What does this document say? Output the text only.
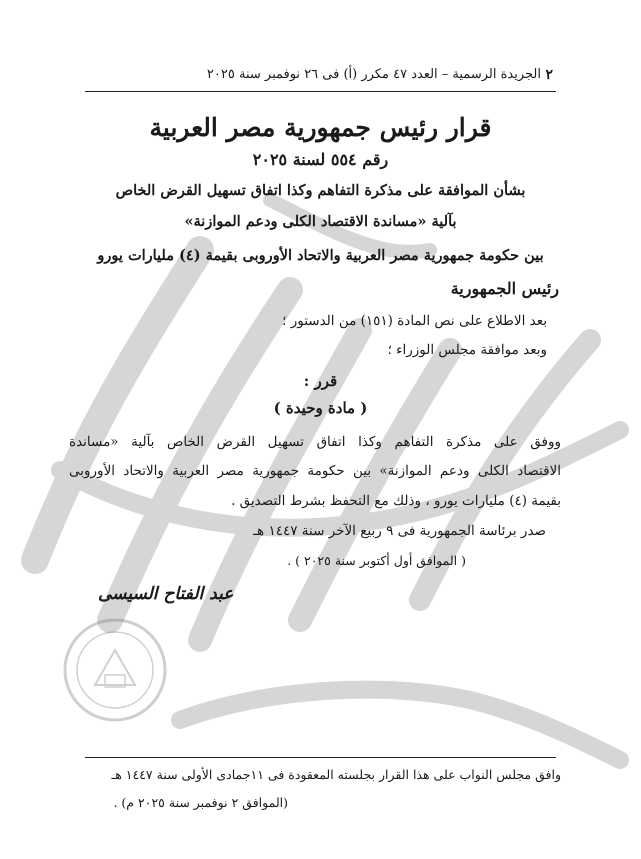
٢
الجريدة الرسمية – العدد ٤٧ مكرر (أ) فى ٢٦ نوفمبر سنة ٢٠٢٥
قرار رئيس جمهورية مصر العربية
رقم ٥٥٤ لسنة ٢٠٢٥
بشأن الموافقة على مذكرة التفاهم وكذا اتفاق تسهيل القرض الخاص
بآلية «مساندة الاقتصاد الكلى ودعم الموازنة»
بين حكومة جمهورية مصر العربية والاتحاد الأوروبى بقيمة (٤) مليارات يورو
رئيس الجمهورية
بعد الاطلاع على نص المادة (١٥١) من الدستور ؛
وبعد موافقة مجلس الوزراء ؛
قرر :
( مادة وحيدة )
ووفق على مذكرة التفاهم وكذا اتفاق تسهيل القرض الخاص بآلية «مساندة
الاقتصاد الكلى ودعم الموازنة» بين حكومة جمهورية مصر العربية والاتحاد الأوروبى
بقيمة (٤) مليارات يورو ، وذلك مع التحفظ بشرط التصديق .
صدر برئاسة الجمهورية فى ٩ ربيع الآخر سنة ١٤٤٧ هـ
( الموافق أول أكتوبر سنة ٢٠٢٥ ) .
عبد الفتاح السيسى
وافق مجلس النواب على هذا القرار بجلسته المعقودة فى ١١جمادى الأولى سنة ١٤٤٧ هـ
(الموافق ٢ نوفمبر سنة ٢٠٢٥ م) .
